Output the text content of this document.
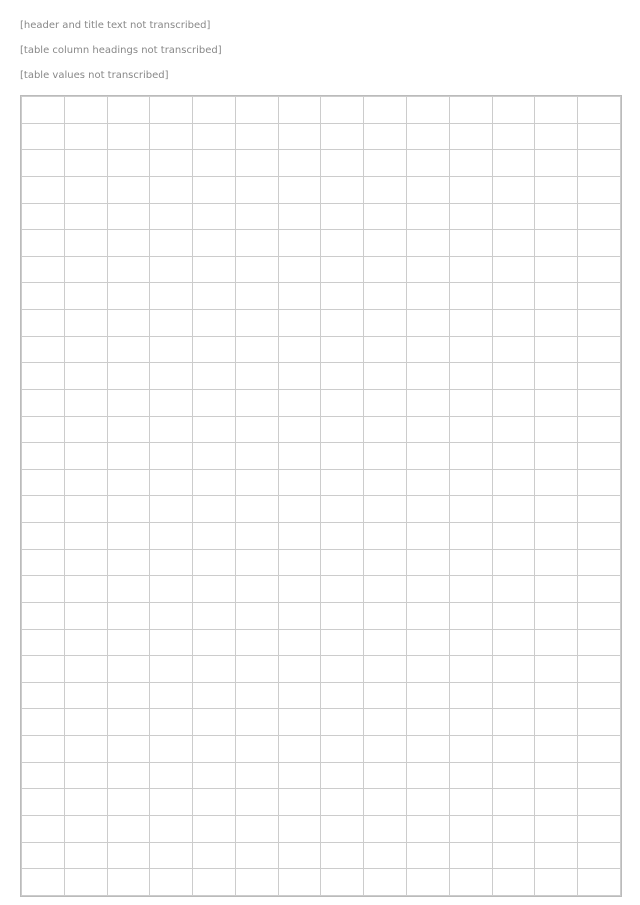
[header and title text not transcribed]
[table column headings not transcribed]
[table values not transcribed]
